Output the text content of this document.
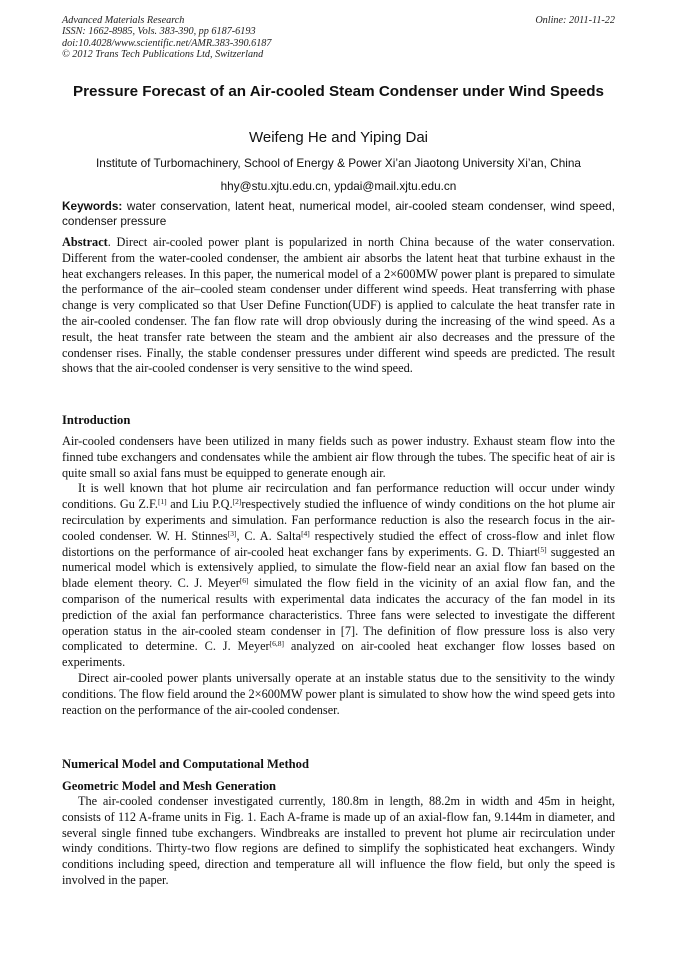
Advanced Materials Research
ISSN: 1662-8985, Vols. 383-390, pp 6187-6193
doi:10.4028/www.scientific.net/AMR.383-390.6187
© 2012 Trans Tech Publications Ltd, Switzerland
Online: 2011-11-22
Pressure Forecast of an Air-cooled Steam Condenser under Wind Speeds
Weifeng He and Yiping Dai
Institute of Turbomachinery, School of Energy & Power Xi’an Jiaotong University Xi’an, China
hhy@stu.xjtu.edu.cn, ypdai@mail.xjtu.edu.cn
Keywords: water conservation, latent heat, numerical model, air-cooled steam condenser, wind speed, condenser pressure

Abstract. Direct air-cooled power plant is popularized in north China because of the water conservation. Different from the water-cooled condenser, the ambient air absorbs the latent heat that turbine exhaust in the heat exchangers releases. In this paper, the numerical model of a 2×600MW power plant is prepared to simulate the performance of the air–cooled steam condenser under different wind speeds. Heat transferring with phase change is very complicated so that User Define Function(UDF) is applied to calculate the heat transfer rate in the air-cooled condenser. The fan flow rate will drop obviously during the increasing of the wind speed. As a result, the heat transfer rate between the steam and the ambient air also decreases and the pressure of the condenser rises. Finally, the stable condenser pressures under different wind speeds are predicted. The result shows that the air-cooled condenser is very sensitive to the wind speed.

Introduction

Air-cooled condensers have been utilized in many fields such as power industry. Exhaust steam flow into the finned tube exchangers and condensates while the ambient air flow through the tubes. The specific heat of air is quite small so axial fans must be equipped to generate enough air.

It is well known that hot plume air recirculation and fan performance reduction will occur under windy conditions. Gu Z.F.[1] and Liu P.Q.[2]respectively studied the influence of windy conditions on the hot plume air recirculation by experiments and simulation. Fan performance reduction is also the research focus in the air-cooled condenser. W. H. Stinnes[3], C. A. Salta[4] respectively studied the effect of cross-flow and inlet flow distortions on the performance of air-cooled heat exchanger fans by experiments. G. D. Thiart[5] suggested an numerical model which is extensively applied, to simulate the flow-field near an axial flow fan based on the blade element theory. C. J. Meyer[6] simulated the flow field in the vicinity of an axial flow fan, and the comparison of the numerical results with experimental data indicates the accuracy of the fan model in its prediction of the axial fan performance characteristics. Three fans were selected to investigate the different operation status in the air-cooled steam condenser in [7]. The definition of flow pressure loss is also very complicated to determine. C. J. Meyer[6,8] analyzed on air-cooled heat exchanger flow losses based on experiments.

Direct air-cooled power plants universally operate at an instable status due to the sensitivity to the windy conditions. The flow field around the 2×600MW power plant is simulated to show how the wind speed gets into reaction on the performance of the air-cooled condenser.

Numerical Model and Computational Method
Geometric Model and Mesh Generation

The air-cooled condenser investigated currently, 180.8m in length, 88.2m in width and 45m in height, consists of 112 A-frame units in Fig. 1. Each A-frame is made up of an axial-flow fan, 9.144m in diameter, and several single finned tube exchangers. Windbreaks are installed to prevent hot plume air recirculation under windy conditions. Thirty-two flow regions are defined to simplify the sophisticated heat exchangers. Windy conditions including speed, direction and temperature all will influence the flow field, but only the speed is involved in the paper.
